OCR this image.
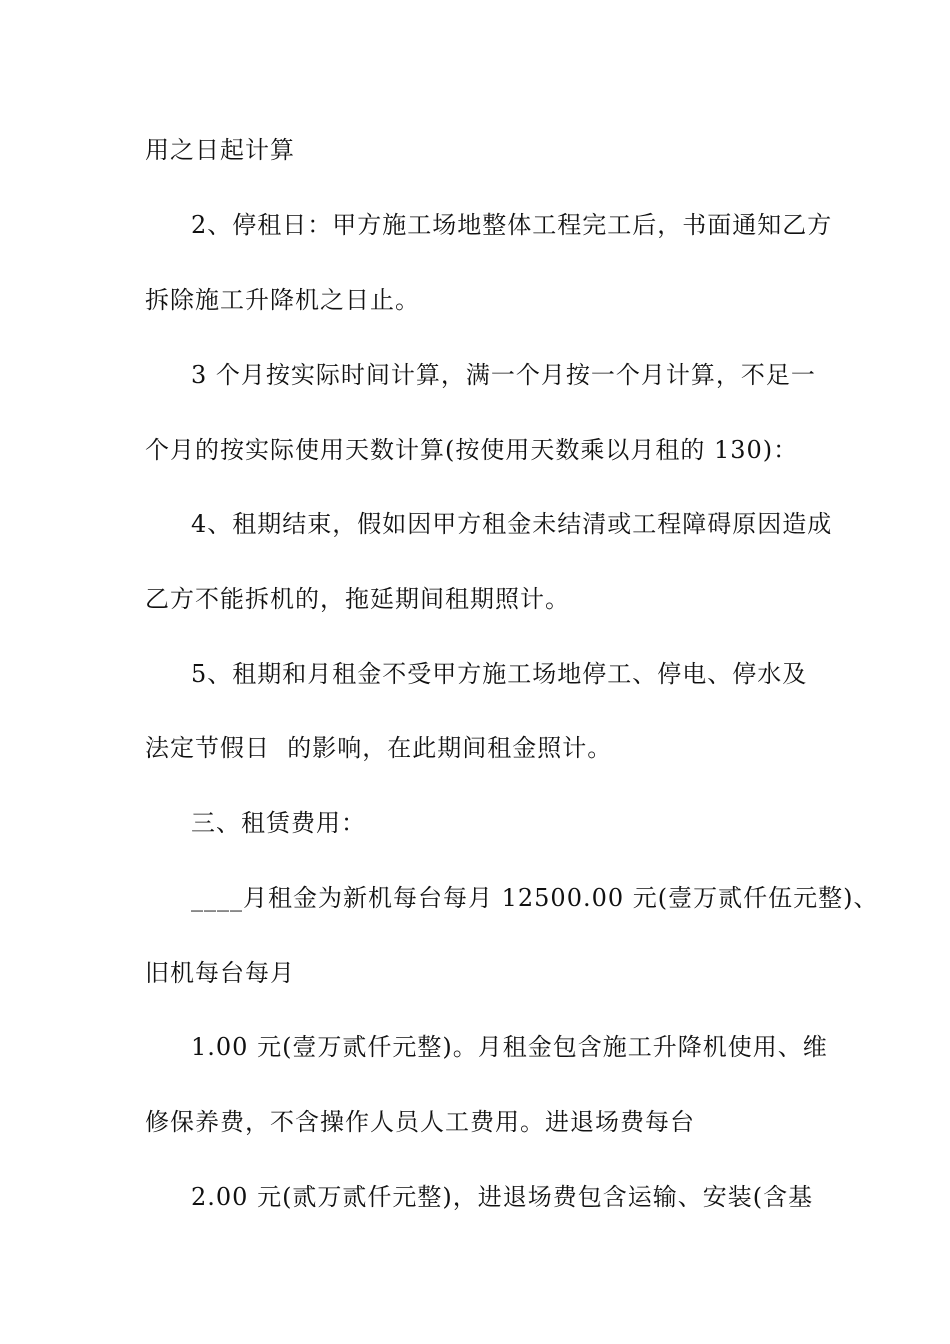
用之日起计算
2、停租日：甲方施工场地整体工程完工后，书面通知乙方
拆除施工升降机之日止。
3 个月按实际时间计算，满一个月按一个月计算，不足一
个月的按实际使用天数计算(按使用天数乘以月租的 130)：
4、租期结束，假如因甲方租金未结清或工程障碍原因造成
乙方不能拆机的，拖延期间租期照计。
5、租期和月租金不受甲方施工场地停工、停电、停水及
法定节假日  的影响，在此期间租金照计。
三、租赁费用：
____月租金为新机每台每月 12500.00 元(壹万贰仟伍元整)、
旧机每台每月
1.00 元(壹万贰仟元整)。月租金包含施工升降机使用、维
修保养费，不含操作人员人工费用。进退场费每台
2.00 元(贰万贰仟元整)，进退场费包含运输、安装(含基
